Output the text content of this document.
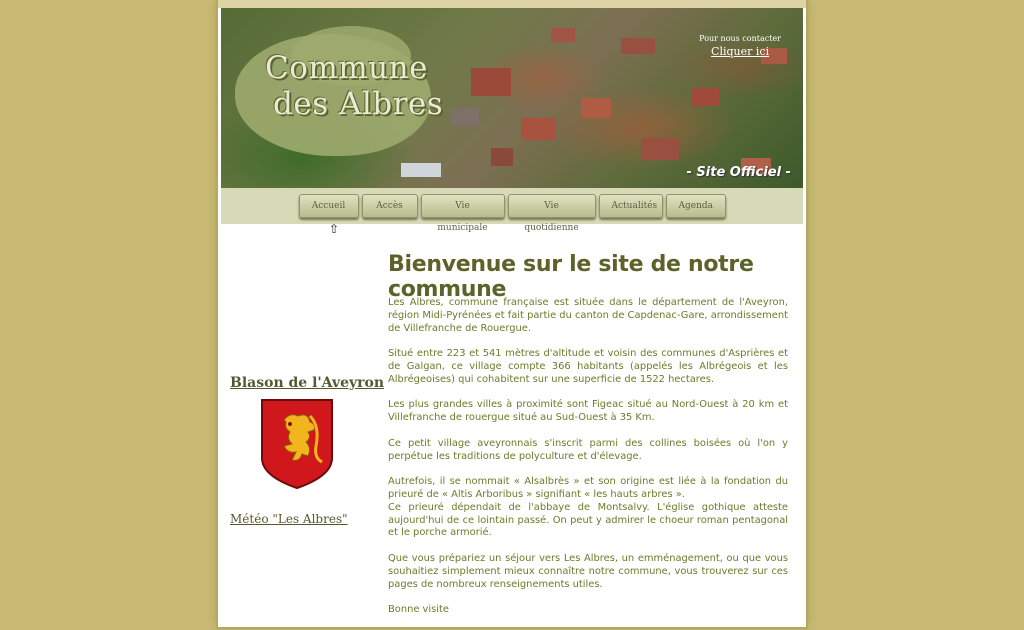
Commune
des Albres
Pour nous contacter
Cliquer ici
- Site Officiel -
Accueil	Accès	Vie municipale
Vie quotidienne
Actualités	Agenda
⇧
Blason de l'Aveyron
Météo "Les Albres"
Bienvenue sur le site de notre commune

Les Albres, commune française est située dans le département de l'Aveyron, région Midi-Pyrénées et fait partie du canton de Capdenac-Gare, arrondissement de Villefranche de Rouergue.

Situé entre 223 et 541 mètres d'altitude et voisin des communes d'Asprières et de Galgan, ce village compte 366 habitants (appelés les Albrégeois et les Albrégeoises) qui cohabitent sur une superficie de 1522 hectares.

Les plus grandes villes à proximité sont Figeac situé au Nord-Ouest à 20 km et Villefranche de rouergue situé au Sud-Ouest à 35 Km.

Ce petit village aveyronnais s'inscrit parmi des collines boisées où l'on y perpétue les traditions de polyculture et d'élevage.

Autrefois, il se nommait « Alsalbrès » et son origine est liée à la fondation du prieuré de « Altis Arboribus » signifiant « les hauts arbres ».
Ce prieuré dépendait de l'abbaye de Montsalvy. L'église gothique atteste aujourd'hui de ce lointain passé. On peut y admirer le choeur roman pentagonal et le porche armorié.

Que vous prépariez un séjour vers Les Albres, un emménagement, ou que vous souhaitiez simplement mieux connaître notre commune, vous trouverez sur ces pages de nombreux renseignements utiles.

Bonne visite
